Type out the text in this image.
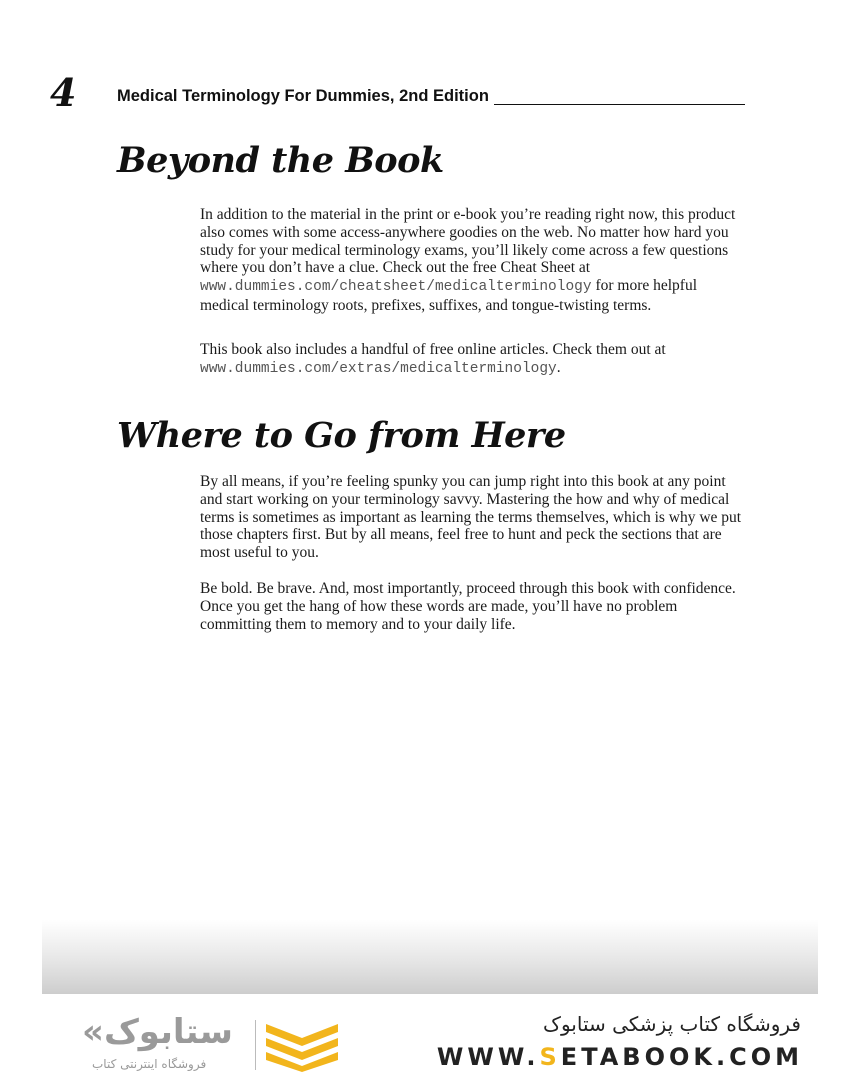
4 Medical Terminology For Dummies, 2nd Edition
Beyond the Book

In addition to the material in the print or e-book you’re reading right now, this product also comes with some access-anywhere goodies on the web. No matter how hard you study for your medical terminology exams, you’ll likely come across a few questions where you don’t have a clue. Check out the free Cheat Sheet at www.dummies.com/cheatsheet/medicalterminology for more helpful medical terminology roots, prefixes, suffixes, and tongue-twisting terms.

This book also includes a handful of free online articles. Check them out at www.dummies.com/extras/medicalterminology.

Where to Go from Here

By all means, if you’re feeling spunky you can jump right into this book at any point and start working on your terminology savvy. Mastering the how and why of medical terms is sometimes as important as learning the terms themselves, which is why we put those chapters first. But by all means, feel free to hunt and peck the sections that are most useful to you.

Be bold. Be brave. And, most importantly, proceed through this book with confidence. Once you get the hang of how these words are made, you’ll have no problem committing them to memory and to your daily life.

«ستابوک
فروشگاه اینترنتی کتاب
فروشگاه کتاب پزشکی ستابوک
WWW.SETABOOK.COM
